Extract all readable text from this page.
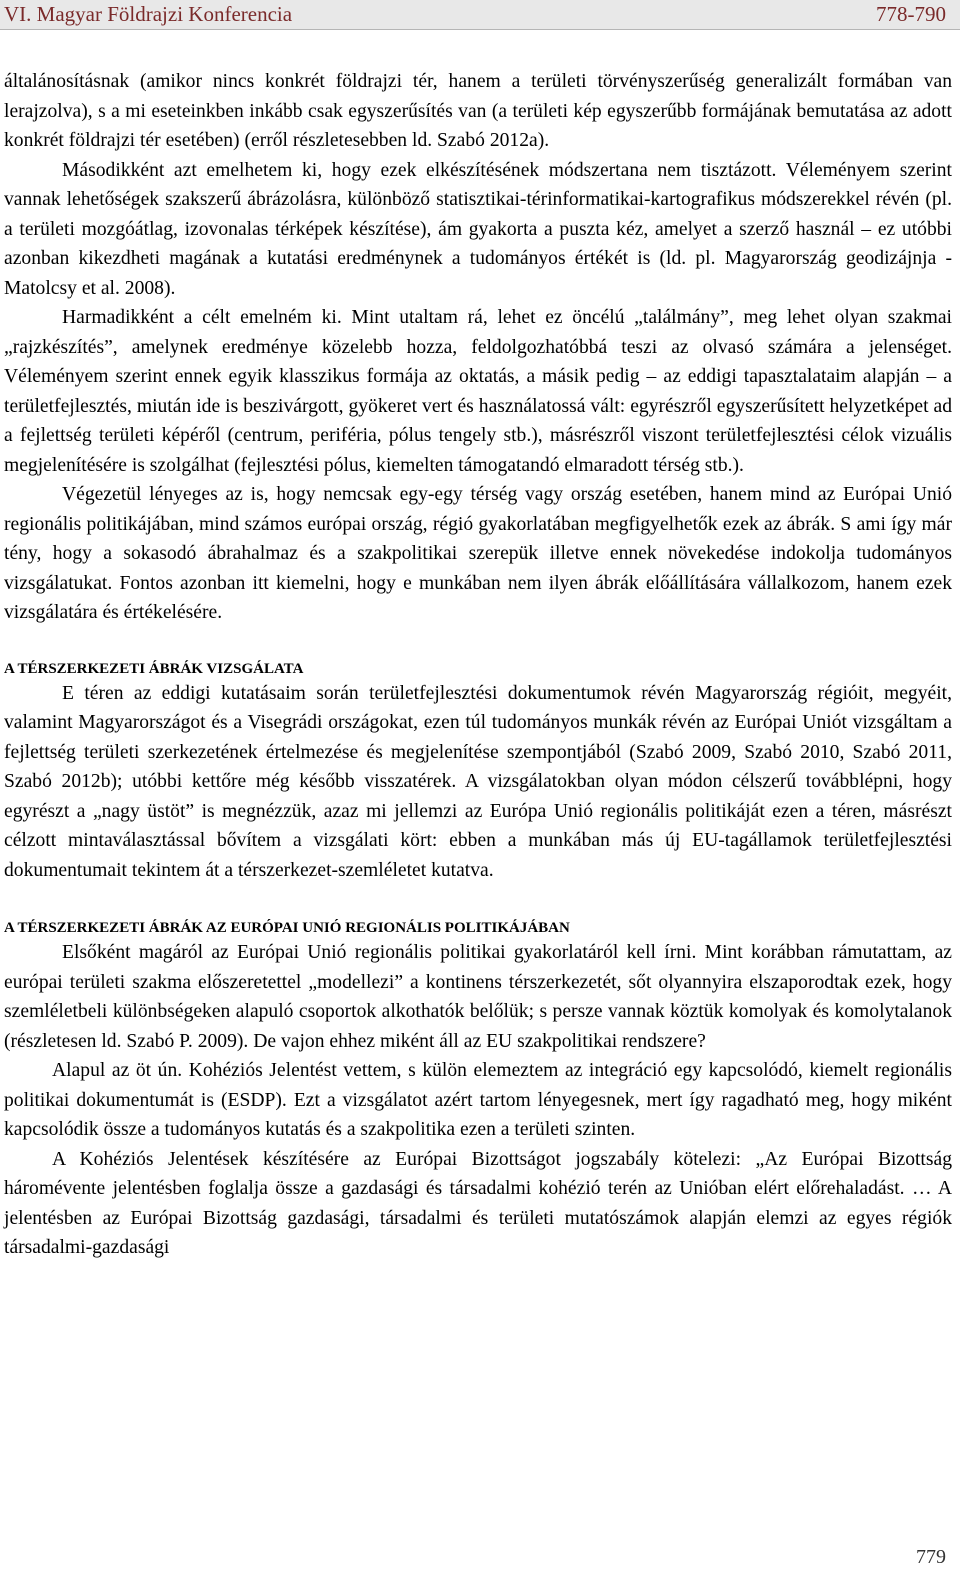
VI. Magyar Földrajzi Konferencia	778-790

általánosításnak (amikor nincs konkrét földrajzi tér, hanem a területi törvényszerűség generalizált formában van lerajzolva), s a mi eseteinkben inkább csak egyszerűsítés van (a területi kép egyszerűbb formájának bemutatása az adott konkrét földrajzi tér esetében) (erről részletesebben ld. Szabó 2012a).

Másodikként azt emelhetem ki, hogy ezek elkészítésének módszertana nem tisztázott. Véleményem szerint vannak lehetőségek szakszerű ábrázolásra, különböző statisztikai-térinformatikai-kartografikus módszerekkel révén (pl. a területi mozgóátlag, izovonalas térképek készítése), ám gyakorta a puszta kéz, amelyet a szerző használ – ez utóbbi azonban kikezdheti magának a kutatási eredménynek a tudományos értékét is (ld. pl. Magyarország geodizájnja - Matolcsy et al. 2008).

Harmadikként a célt emelném ki. Mint utaltam rá, lehet ez öncélú „találmány”, meg lehet olyan szakmai „rajzkészítés”, amelynek eredménye közelebb hozza, feldolgozhatóbbá teszi az olvasó számára a jelenséget. Véleményem szerint ennek egyik klasszikus formája az oktatás, a másik pedig – az eddigi tapasztalataim alapján – a területfejlesztés, miután ide is beszivárgott, gyökeret vert és használatossá vált: egyrészről egyszerűsített helyzetképet ad a fejlettség területi képéről (centrum, periféria, pólus tengely stb.), másrészről viszont területfejlesztési célok vizuális megjelenítésére is szolgálhat (fejlesztési pólus, kiemelten támogatandó elmaradott térség stb.).

Végezetül lényeges az is, hogy nemcsak egy-egy térség vagy ország esetében, hanem mind az Európai Unió regionális politikájában, mind számos európai ország, régió gyakorlatában megfigyelhetők ezek az ábrák. S ami így már tény, hogy a sokasodó ábrahalmaz és a szakpolitikai szerepük illetve ennek növekedése indokolja tudományos vizsgálatukat. Fontos azonban itt kiemelni, hogy e munkában nem ilyen ábrák előállítására vállalkozom, hanem ezek vizsgálatára és értékelésére.

A TÉRSZERKEZETI ÁBRÁK VIZSGÁLATA

E téren az eddigi kutatásaim során területfejlesztési dokumentumok révén Magyarország régióit, megyéit, valamint Magyarországot és a Visegrádi országokat, ezen túl tudományos munkák révén az Európai Uniót vizsgáltam a fejlettség területi szerkezetének értelmezése és megjelenítése szempontjából (Szabó 2009, Szabó 2010, Szabó 2011, Szabó 2012b); utóbbi kettőre még később visszatérek. A vizsgálatokban olyan módon célszerű továbblépni, hogy egyrészt a „nagy üstöt” is megnézzük, azaz mi jellemzi az Európa Unió regionális politikáját ezen a téren, másrészt célzott mintaválasztással bővítem a vizsgálati kört: ebben a munkában más új EU-tagállamok területfejlesztési dokumentumait tekintem át a térszerkezet-szemléletet kutatva.

A TÉRSZERKEZETI ÁBRÁK AZ EURÓPAI UNIÓ REGIONÁLIS POLITIKÁJÁBAN

Elsőként magáról az Európai Unió regionális politikai gyakorlatáról kell írni. Mint korábban rámutattam, az európai területi szakma előszeretettel „modellezi” a kontinens térszerkezetét, sőt olyannyira elszaporodtak ezek, hogy szemléletbeli különbségeken alapuló csoportok alkothatók belőlük; s persze vannak köztük komolyak és komolytalanok (részletesen ld. Szabó P. 2009). De vajon ehhez miként áll az EU szakpolitikai rendszere?

Alapul az öt ún. Kohéziós Jelentést vettem, s külön elemeztem az integráció egy kapcsolódó, kiemelt regionális politikai dokumentumát is (ESDP). Ezt a vizsgálatot azért tartom lényegesnek, mert így ragadható meg, hogy miként kapcsolódik össze a tudományos kutatás és a szakpolitika ezen a területi szinten.

A Kohéziós Jelentések készítésére az Európai Bizottságot jogszabály kötelezi: „Az Európai Bizottság háromévente jelentésben foglalja össze a gazdasági és társadalmi kohézió terén az Unióban elért előrehaladást. … A jelentésben az Európai Bizottság gazdasági, társadalmi és területi mutatószámok alapján elemzi az egyes régiók társadalmi-gazdasági

779
